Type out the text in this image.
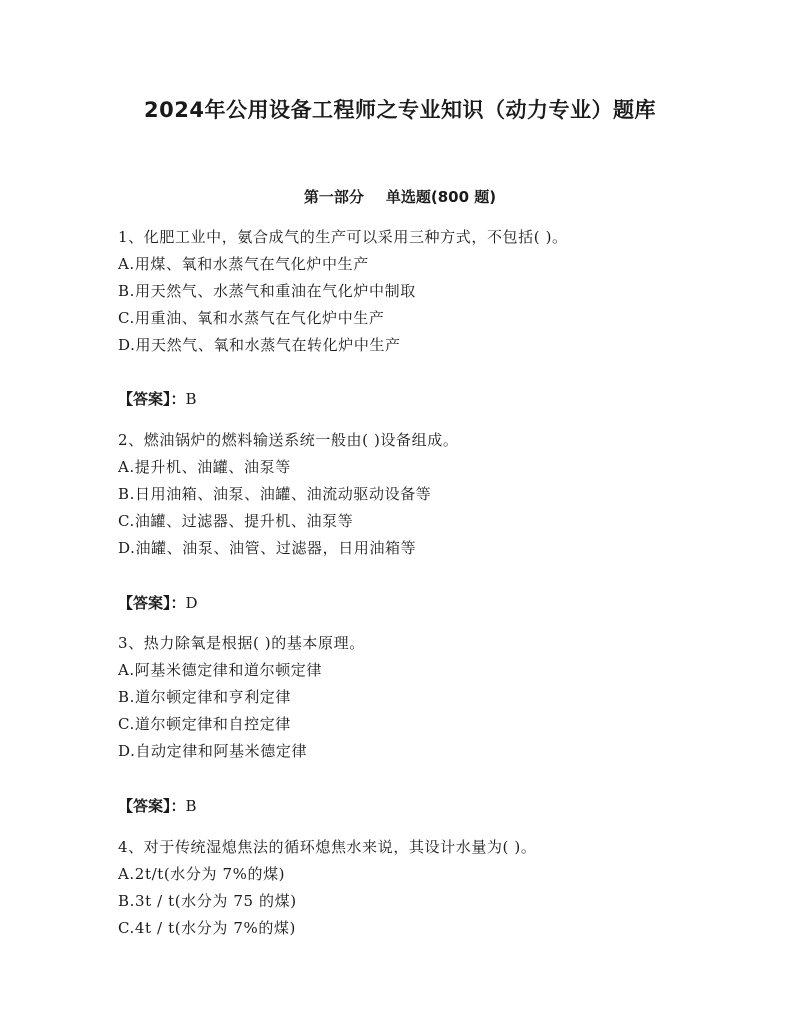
2024年公用设备工程师之专业知识（动力专业）题库
第一部分 单选题(800 题)
1、化肥工业中，氨合成气的生产可以采用三种方式，不包括( )。
A.用煤、氧和水蒸气在气化炉中生产
B.用天然气、水蒸气和重油在气化炉中制取
C.用重油、氧和水蒸气在气化炉中生产
D.用天然气、氧和水蒸气在转化炉中生产
【答案】：B
2、燃油锅炉的燃料输送系统一般由( )设备组成。
A.提升机、油罐、油泵等
B.日用油箱、油泵、油罐、油流动驱动设备等
C.油罐、过滤器、提升机、油泵等
D.油罐、油泵、油管、过滤器，日用油箱等
【答案】：D
3、热力除氧是根据( )的基本原理。
A.阿基米德定律和道尔顿定律
B.道尔顿定律和亨利定律
C.道尔顿定律和自控定律
D.自动定律和阿基米德定律
【答案】：B
4、对于传统湿熄焦法的循环熄焦水来说，其设计水量为( )。
A.2t/t(水分为 7%的煤)
B.3t / t(水分为 75 的煤)
C.4t / t(水分为 7%的煤)
